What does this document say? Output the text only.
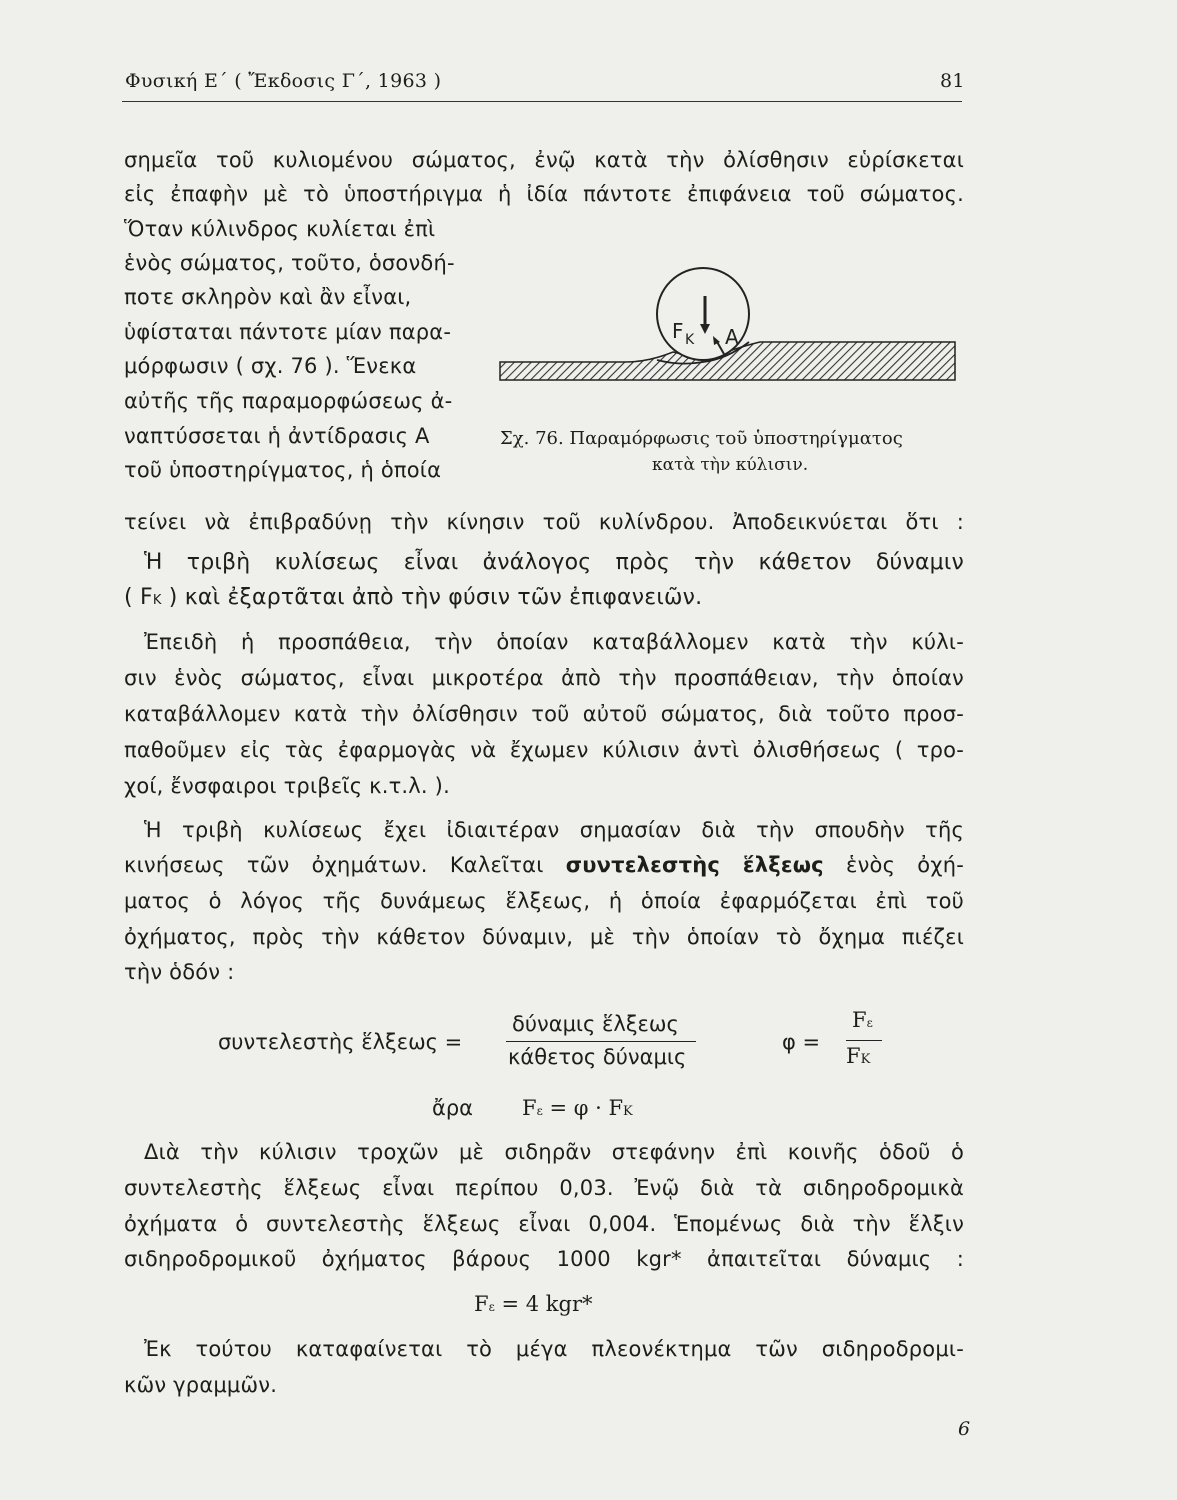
Φυσική Ε΄ ( Ἔκδοσις Γ΄, 1963 )	81
σημεῖα τοῦ κυλιομένου σώματος, ἐνῷ κατὰ τὴν ὀλίσθησιν εὑρίσκεται
εἰς ἐπαφὴν μὲ τὸ ὑποστήριγμα ἡ ἰδία πάντοτε ἐπιφάνεια τοῦ σώματος.
Ὅταν κύλινδρος κυλίεται ἐπὶ
ἑνὸς σώματος, τοῦτο, ὁσονδή-
ποτε σκληρὸν καὶ ἂν εἶναι,
ὑφίσταται πάντοτε μίαν παρα-
μόρφωσιν ( σχ. 76 ). Ἕνεκα
αὐτῆς τῆς παραμορφώσεως ἀ-
ναπτύσσεται ἡ ἀντίδρασις Α
τοῦ ὑποστηρίγματος, ἡ ὁποία
F K A
Σχ. 76. Παραμόρφωσις τοῦ ὑποστηρίγματος
κατὰ τὴν κύλισιν.
τείνει νὰ ἐπιβραδύνῃ τὴν κίνησιν τοῦ κυλίνδρου. Ἀποδεικνύεται ὅτι :
Ἡ τριβὴ κυλίσεως εἶναι ἀνάλογος πρὸς τὴν κάθετον δύναμιν
( FK ) καὶ ἐξαρτᾶται ἀπὸ τὴν φύσιν τῶν ἐπιφανειῶν.
Ἐπειδὴ ἡ προσπάθεια, τὴν ὁποίαν καταβάλλομεν κατὰ τὴν κύλι-
σιν ἑνὸς σώματος, εἶναι μικροτέρα ἀπὸ τὴν προσπάθειαν, τὴν ὁποίαν
καταβάλλομεν κατὰ τὴν ὀλίσθησιν τοῦ αὐτοῦ σώματος, διὰ τοῦτο προσ-
παθοῦμεν εἰς τὰς ἐφαρμογὰς νὰ ἔχωμεν κύλισιν ἀντὶ ὀλισθήσεως ( τρο-
χοί, ἔνσφαιροι τριβεῖς κ.τ.λ. ).
Ἡ τριβὴ κυλίσεως ἔχει ἰδιαιτέραν σημασίαν διὰ τὴν σπουδὴν τῆς
κινήσεως τῶν ὀχημάτων. Καλεῖται συντελεστὴς ἕλξεως ἑνὸς ὀχή-
ματος ὁ λόγος τῆς δυνάμεως ἕλξεως, ἡ ὁποία ἐφαρμόζεται ἐπὶ τοῦ
ὀχήματος, πρὸς τὴν κάθετον δύναμιν, μὲ τὴν ὁποίαν τὸ ὄχημα πιέζει
τὴν ὁδόν :
συντελεστὴς ἕλξεως =
δύναμις ἕλξεως
κάθετος δύναμις
φ =
Fε
FK
ἄρα Fε = φ · FK
Διὰ τὴν κύλισιν τροχῶν μὲ σιδηρᾶν στεφάνην ἐπὶ κοινῆς ὁδοῦ ὁ
συντελεστὴς ἕλξεως εἶναι περίπου 0,03. Ἐνῷ διὰ τὰ σιδηροδρομικὰ
ὀχήματα ὁ συντελεστὴς ἕλξεως εἶναι 0,004. Ἑπομένως διὰ τὴν ἕλξιν
σιδηροδρομικοῦ ὀχήματος βάρους 1000 kgr* ἀπαιτεῖται δύναμις :
Fε = 4 kgr*
Ἐκ τούτου καταφαίνεται τὸ μέγα πλεονέκτημα τῶν σιδηροδρομι-
κῶν γραμμῶν.
6
